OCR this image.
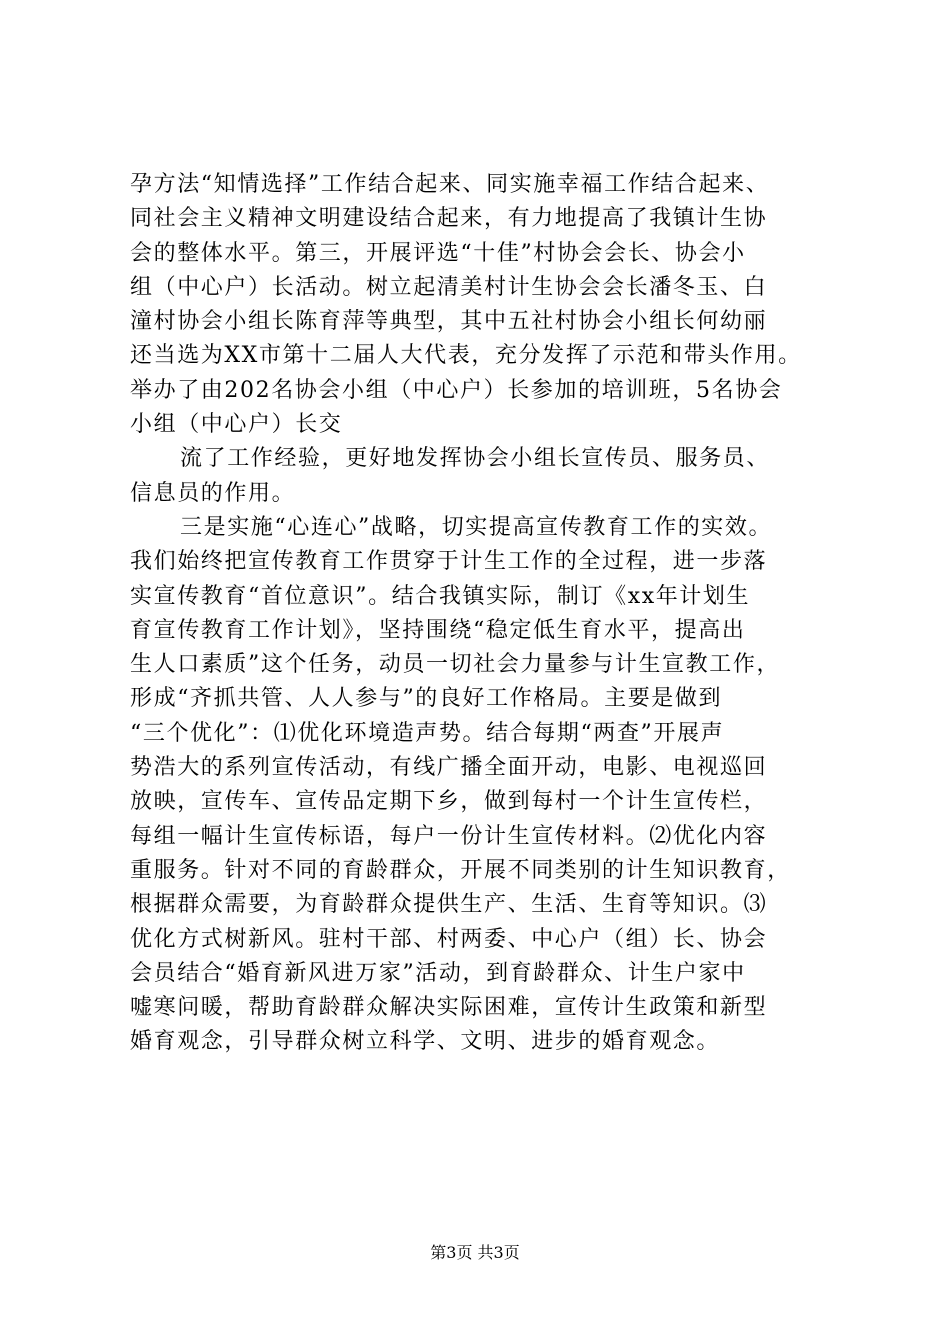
孕方法“知情选择”工作结合起来、同实施幸福工作结合起来、
同社会主义精神文明建设结合起来，有力地提高了我镇计生协
会的整体水平。第三，开展评选“十佳”村协会会长、协会小
组（中心户）长活动。树立起清美村计生协会会长潘冬玉、白
潼村协会小组长陈育萍等典型，其中五社村协会小组长何幼丽
还当选为XX市第十二届人大代表，充分发挥了示范和带头作用。
举办了由202名协会小组（中心户）长参加的培训班，5名协会
小组（中心户）长交
流了工作经验，更好地发挥协会小组长宣传员、服务员、
信息员的作用。
三是实施“心连心”战略，切实提高宣传教育工作的实效。
我们始终把宣传教育工作贯穿于计生工作的全过程，进一步落
实宣传教育“首位意识”。结合我镇实际，制订《xx年计划生
育宣传教育工作计划》，坚持围绕“稳定低生育水平，提高出
生人口素质”这个任务，动员一切社会力量参与计生宣教工作，
形成“齐抓共管、人人参与”的良好工作格局。主要是做到
“三个优化”：⑴优化环境造声势。结合每期“两查”开展声
势浩大的系列宣传活动，有线广播全面开动，电影、电视巡回
放映，宣传车、宣传品定期下乡，做到每村一个计生宣传栏，
每组一幅计生宣传标语，每户一份计生宣传材料。⑵优化内容
重服务。针对不同的育龄群众，开展不同类别的计生知识教育，
根据群众需要，为育龄群众提供生产、生活、生育等知识。⑶
优化方式树新风。驻村干部、村两委、中心户（组）长、协会
会员结合“婚育新风进万家”活动，到育龄群众、计生户家中
嘘寒问暖，帮助育龄群众解决实际困难，宣传计生政策和新型
婚育观念，引导群众树立科学、文明、进步的婚育观念。
第3页 共3页
